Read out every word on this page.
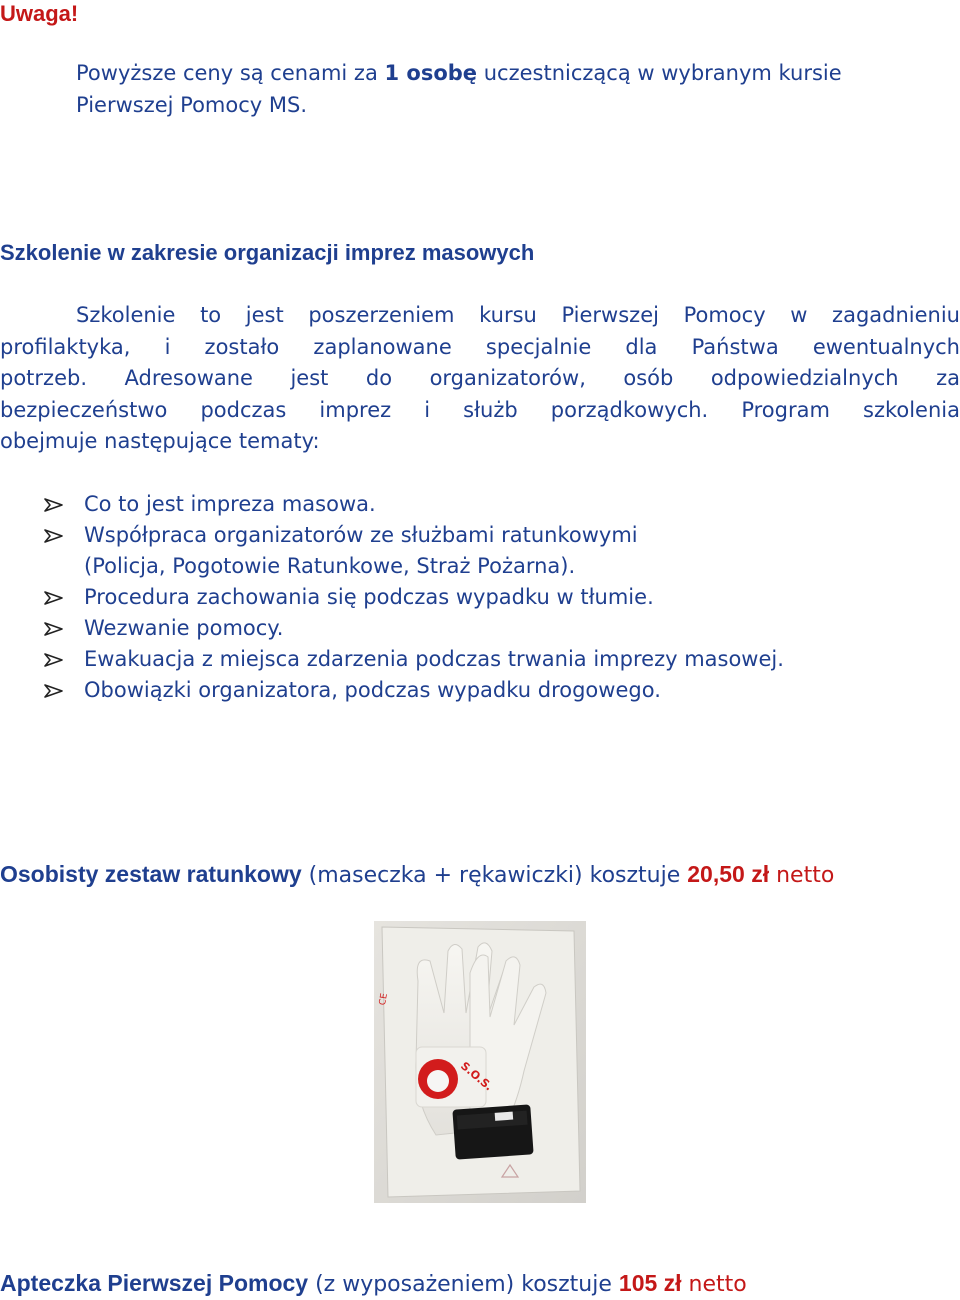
Uwaga!
Powyższe ceny są cenami za 1 osobę uczestniczącą w wybranym kursie
Pierwszej Pomocy MS.
Szkolenie w zakresie organizacji imprez masowych
Szkolenie to jest poszerzeniem kursu Pierwszej Pomocy w zagadnieniu
profilaktyka, i zostało zaplanowane specjalnie dla Państwa ewentualnych
potrzeb. Adresowane jest do organizatorów, osób odpowiedzialnych za
bezpieczeństwo podczas imprez i służb porządkowych. Program szkolenia
obejmuje następujące tematy:
Co to jest impreza masowa.
Współpraca organizatorów ze służbami ratunkowymi
(Policja, Pogotowie Ratunkowe, Straż Pożarna).
Procedura zachowania się podczas wypadku w tłumie.
Wezwanie pomocy.
Ewakuacja z miejsca zdarzenia podczas trwania imprezy masowej.
Obowiązki organizatora, podczas wypadku drogowego.
Osobisty zestaw ratunkowy (maseczka + rękawiczki) kosztuje 20,50 zł netto
S.O.S.
CE
Apteczka Pierwszej Pomocy (z wyposażeniem) kosztuje 105 zł netto
